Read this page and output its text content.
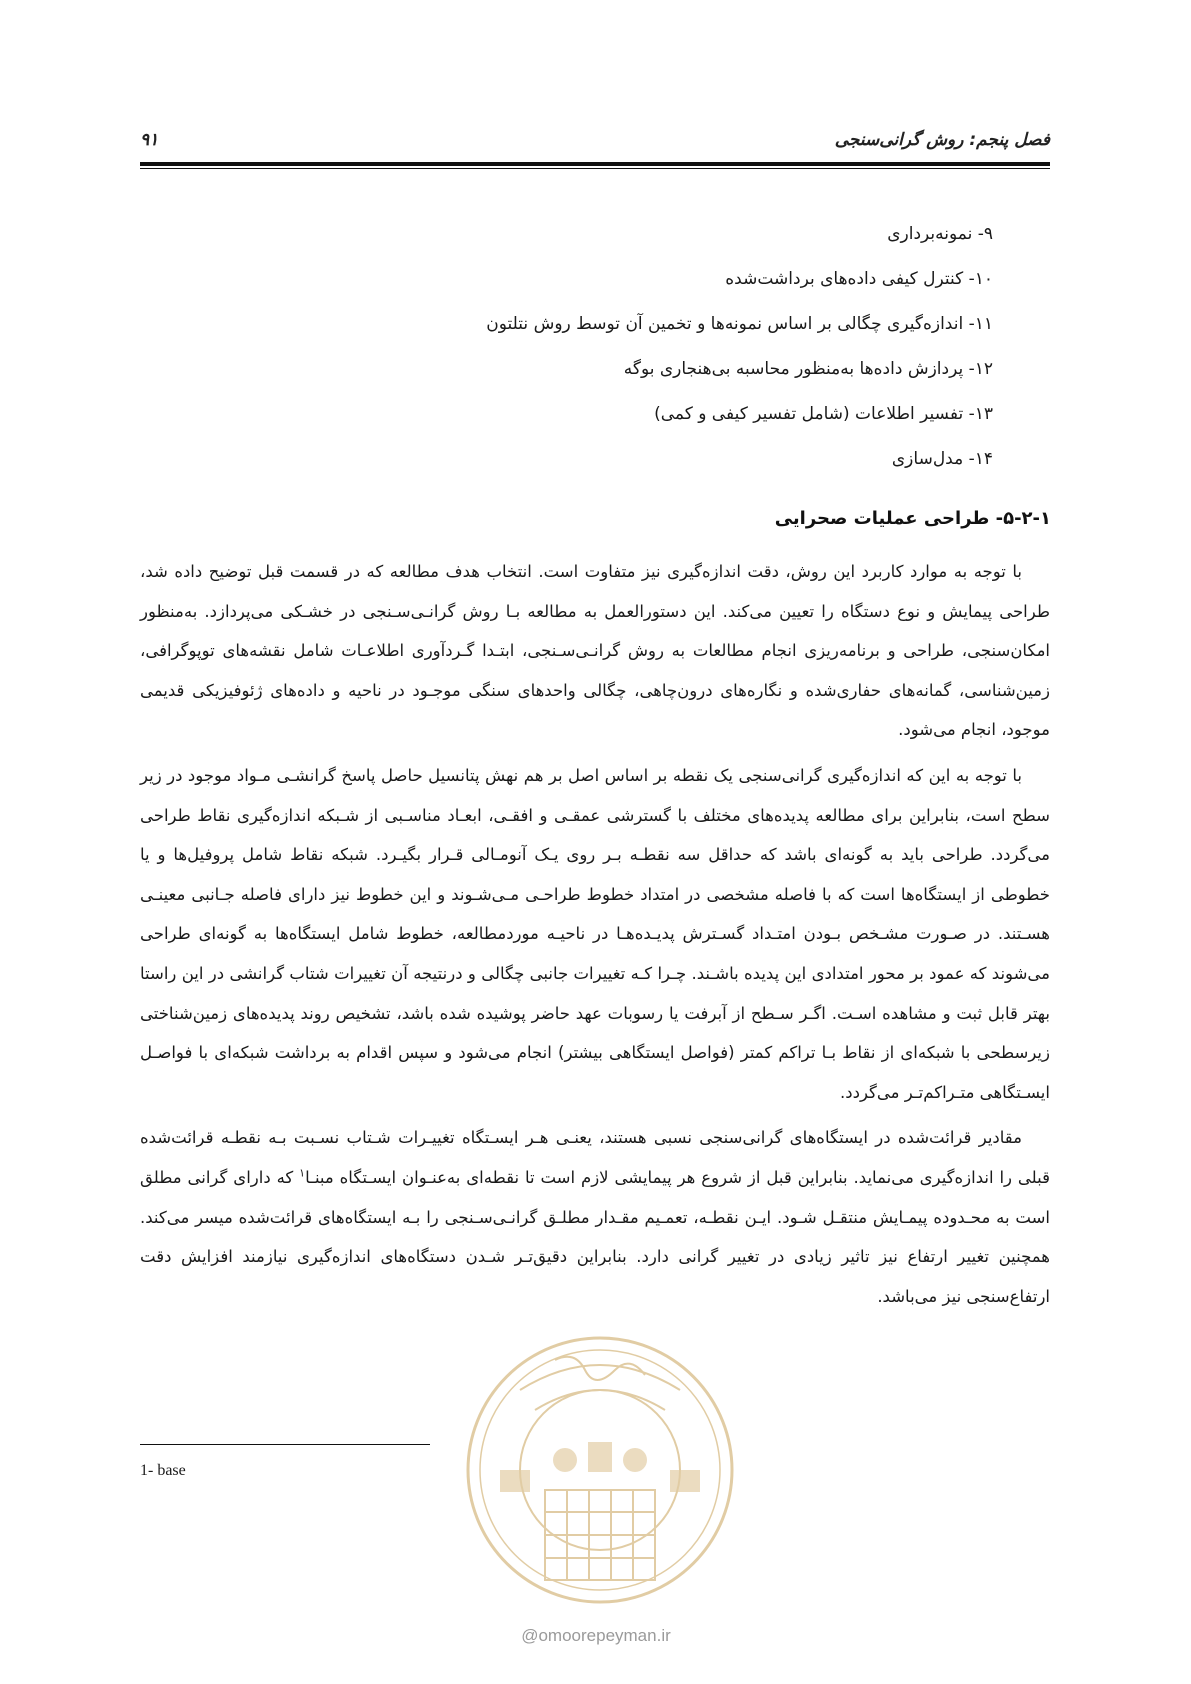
فصل پنجم: روش گرانی‌سنجی
۹۱
۹- نمونه‌برداری
۱۰- کنترل کیفی داده‌های برداشت‌شده
۱۱- اندازه‌گیری چگالی بر اساس نمونه‌ها و تخمین آن توسط روش نتلتون
۱۲- پردازش داده‌ها به‌منظور محاسبه بی‌هنجاری بوگه
۱۳- تفسیر اطلاعات (شامل تفسیر کیفی و کمی)
۱۴- مدل‌سازی
۵-۲-۱- طراحی عملیات صحرایی

با توجه به موارد کاربرد این روش، دقت اندازه‌گیری نیز متفاوت است. انتخاب هدف مطالعه که در قسمت قبل توضیح داده شد، طراحی پیمایش و نوع دستگاه را تعیین می‌کند. این دستورالعمل به مطالعه بـا روش گرانـی‌سـنجی در خشـکی می‌پردازد. به‌منظور امکان‌سنجی، طراحی و برنامه‌ریزی انجام مطالعات به روش گرانـی‌سـنجی، ابتـدا گـردآوری اطلاعـات شامل نقشه‌های توپوگرافی، زمین‌شناسی، گمانه‌های حفاری‌شده و نگاره‌های درون‌چاهی، چگالی واحدهای سنگی موجـود در ناحیه و داده‌های ژئوفیزیکی قدیمی موجود، انجام می‌شود.

با توجه به این که اندازه‌گیری گرانی‌سنجی یک نقطه بر اساس اصل بر هم نهش پتانسیل حاصل پاسخ گرانشـی مـواد موجود در زیر سطح است، بنابراین برای مطالعه پدیده‌های مختلف با گسترشی عمقـی و افقـی، ابعـاد مناسـبی از شـبکه اندازه‌گیری نقاط طراحی می‌گردد. طراحی باید به گونه‌ای باشد که حداقل سه نقطـه بـر روی یـک آنومـالی قـرار بگیـرد. شبکه نقاط شامل پروفیل‌ها و یا خطوطی از ایستگاه‌ها است که با فاصله مشخصی در امتداد خطوط طراحـی مـی‌شـوند و این خطوط نیز دارای فاصله جـانبی معینـی هسـتند. در صـورت مشـخص بـودن امتـداد گسـترش پدیـده‌هـا در ناحیـه موردمطالعه، خطوط شامل ایستگاه‌ها به گونه‌ای طراحی می‌شوند که عمود بر محور امتدادی این پدیده باشـند. چـرا کـه تغییرات جانبی چگالی و درنتیجه آن تغییرات شتاب گرانشی در این راستا بهتر قابل ثبت و مشاهده اسـت. اگـر سـطح از آبرفت یا رسوبات عهد حاضر پوشیده شده باشد، تشخیص روند پدیده‌های زمین‌شناختی زیرسطحی با شبکه‌ای از نقاط بـا تراکم کمتر (فواصل ایستگاهی بیشتر) انجام می‌شود و سپس اقدام به برداشت شبکه‌ای با فواصـل ایسـتگاهی متـراکم‌تـر می‌گردد.

مقادیر قرائت‌شده در ایستگاه‌های گرانی‌سنجی نسبی هستند، یعنـی هـر ایسـتگاه تغییـرات شـتاب نسـبت بـه نقطـه قرائت‌شده قبلی را اندازه‌گیری می‌نماید. بنابراین قبل از شروع هر پیمایشی لازم است تا نقطه‌ای به‌عنـوان ایسـتگاه مبنـا$^۱$ که دارای گرانی مطلق است به محـدوده پیمـایش منتقـل شـود. ایـن نقطـه، تعمـیم مقـدار مطلـق گرانـی‌سـنجی را بـه ایستگاه‌های قرائت‌شده میسر می‌کند. همچنین تغییر ارتفاع نیز تاثیر زیادی در تغییر گرانی دارد. بنابراین دقیق‌تـر شـدن دستگاه‌های اندازه‌گیری نیازمند افزایش دقت ارتفاع‌سنجی نیز می‌باشد.

@omoorepeyman.ir
1- base
